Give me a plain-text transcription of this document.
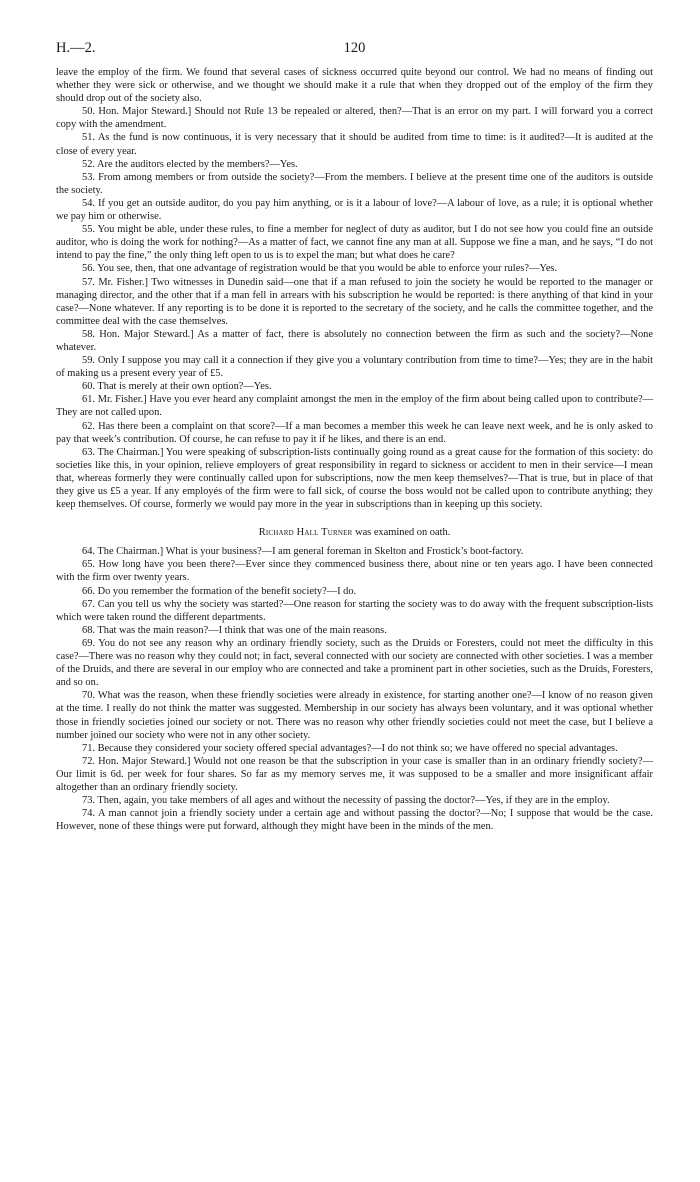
H.—2.	120

leave the employ of the firm. We found that several cases of sickness occurred quite beyond our control. We had no means of finding out whether they were sick or otherwise, and we thought we should make it a rule that when they dropped out of the employ of the firm they should drop out of the society also.

50. Hon. Major Steward.] Should not Rule 13 be repealed or altered, then?—That is an error on my part. I will forward you a correct copy with the amendment.

51. As the fund is now continuous, it is very necessary that it should be audited from time to time: is it audited?—It is audited at the close of every year.

52. Are the auditors elected by the members?—Yes.

53. From among members or from outside the society?—From the members. I believe at the present time one of the auditors is outside the society.

54. If you get an outside auditor, do you pay him anything, or is it a labour of love?—A labour of love, as a rule; it is optional whether we pay him or otherwise.

55. You might be able, under these rules, to fine a member for neglect of duty as auditor, but I do not see how you could fine an outside auditor, who is doing the work for nothing?—As a matter of fact, we cannot fine any man at all. Suppose we fine a man, and he says, “I do not intend to pay the fine,” the only thing left open to us is to expel the man; but what does he care?

56. You see, then, that one advantage of registration would be that you would be able to enforce your rules?—Yes.

57. Mr. Fisher.] Two witnesses in Dunedin said—one that if a man refused to join the society he would be reported to the manager or managing director, and the other that if a man fell in arrears with his subscription he would be reported: is there anything of that kind in your case?—None whatever. If any reporting is to be done it is reported to the secretary of the society, and he calls the committee together, and the committee deal with the case themselves.

58. Hon. Major Steward.] As a matter of fact, there is absolutely no connection between the firm as such and the society?—None whatever.

59. Only I suppose you may call it a connection if they give you a voluntary contribution from time to time?—Yes; they are in the habit of making us a present every year of £5.

60. That is merely at their own option?—Yes.

61. Mr. Fisher.] Have you ever heard any complaint amongst the men in the employ of the firm about being called upon to contribute?—They are not called upon.

62. Has there been a complaint on that score?—If a man becomes a member this week he can leave next week, and he is only asked to pay that week’s contribution. Of course, he can refuse to pay it if he likes, and there is an end.

63. The Chairman.] You were speaking of subscription-lists continually going round as a great cause for the formation of this society: do societies like this, in your opinion, relieve employers of great responsibility in regard to sickness or accident to men in their service—I mean that, whereas formerly they were continually called upon for subscriptions, now the men keep themselves?—That is true, but in place of that they give us £5 a year. If any employés of the firm were to fall sick, of course the boss would not be called upon to contribute anything; they keep themselves. Of course, formerly we would pay more in the year in subscriptions than in keeping up this society.

Richard Hall Turner was examined on oath.

64. The Chairman.] What is your business?—I am general foreman in Skelton and Frostick’s boot-factory.

65. How long have you been there?—Ever since they commenced business there, about nine or ten years ago. I have been connected with the firm over twenty years.

66. Do you remember the formation of the benefit society?—I do.

67. Can you tell us why the society was started?—One reason for starting the society was to do away with the frequent subscription-lists which were taken round the different departments.

68. That was the main reason?—I think that was one of the main reasons.

69. You do not see any reason why an ordinary friendly society, such as the Druids or Foresters, could not meet the difficulty in this case?—There was no reason why they could not; in fact, several connected with our society are connected with other societies. I was a member of the Druids, and there are several in our employ who are connected and take a prominent part in other societies, such as the Druids, Foresters, and so on.

70. What was the reason, when these friendly societies were already in existence, for starting another one?—I know of no reason given at the time. I really do not think the matter was suggested. Membership in our society has always been voluntary, and it was optional whether those in friendly societies joined our society or not. There was no reason why other friendly societies could not meet the case, but I believe a number joined our society who were not in any other society.

71. Because they considered your society offered special advantages?—I do not think so; we have offered no special advantages.

72. Hon. Major Steward.] Would not one reason be that the subscription in your case is smaller than in an ordinary friendly society?—Our limit is 6d. per week for four shares. So far as my memory serves me, it was supposed to be a smaller and more insignificant affair altogether than an ordinary friendly society.

73. Then, again, you take members of all ages and without the necessity of passing the doctor?—Yes, if they are in the employ.

74. A man cannot join a friendly society under a certain age and without passing the doctor?—No; I suppose that would be the case. However, none of these things were put forward, although they might have been in the minds of the men.
